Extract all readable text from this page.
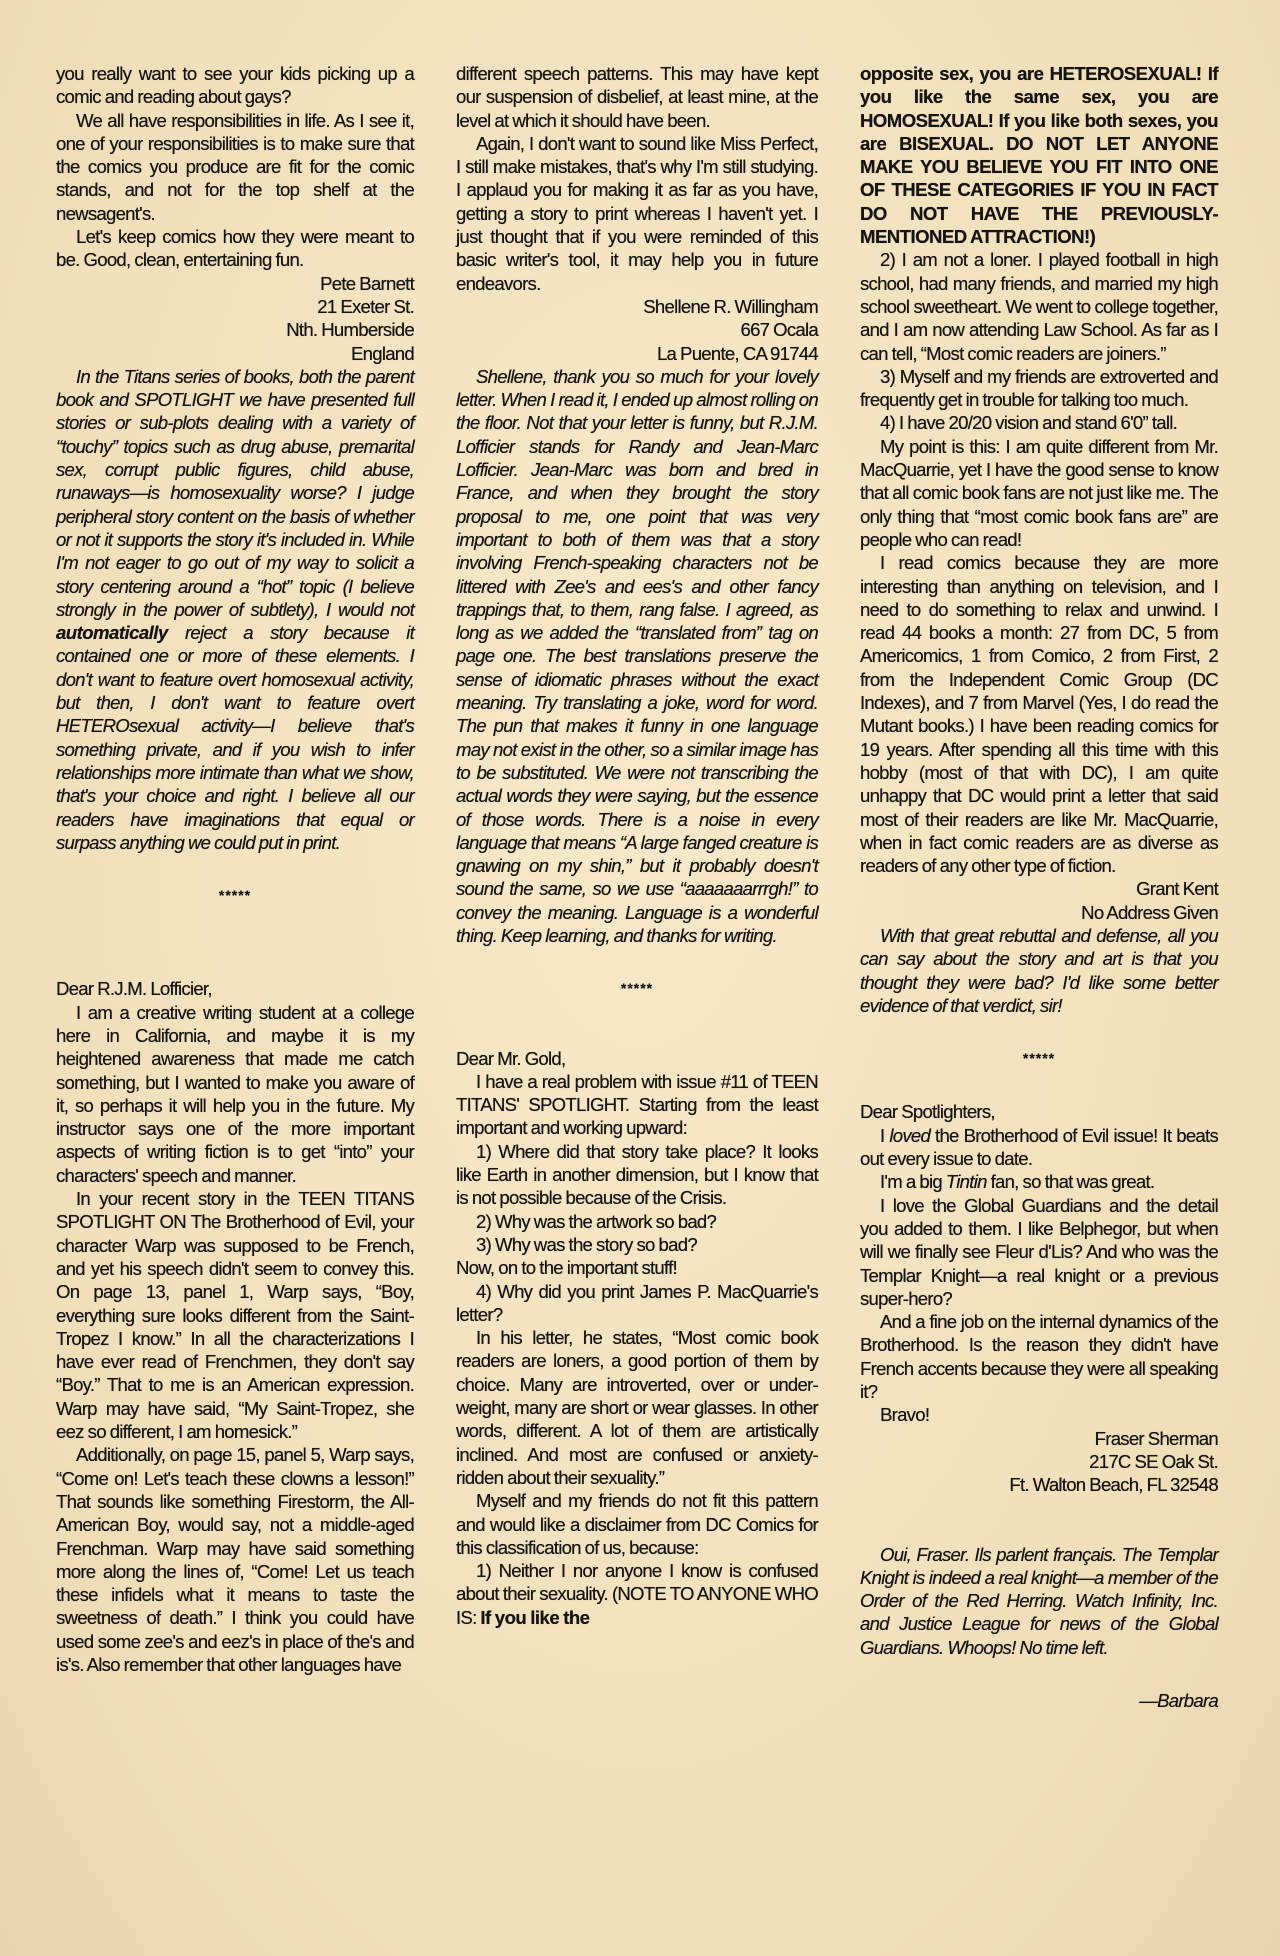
you really want to see your kids picking up a comic and reading about gays?
We all have responsibilities in life. As I see it, one of your responsibilities is to make sure that the comics you produce are fit for the comic stands, and not for the top shelf at the newsagent's.
Let's keep comics how they were meant to be. Good, clean, entertaining fun.
Pete Barnett
21 Exeter St.
Nth. Humberside
England
In the Titans series of books, both the parent book and SPOTLIGHT we have presented full stories or sub-plots dealing with a variety of “touchy” topics such as drug abuse, premarital sex, corrupt public figures, child abuse, runaways—is homosexuality worse? I judge peripheral story content on the basis of whether or not it supports the story it's included in. While I'm not eager to go out of my way to solicit a story centering around a “hot” topic (I believe strongly in the power of subtlety), I would not automatically reject a story because it contained one or more of these elements. I don't want to feature overt homosexual activity, but then, I don't want to feature overt HETEROsexual activity—I believe that's something private, and if you wish to infer relationships more intimate than what we show, that's your choice and right. I believe all our readers have imaginations that equal or surpass anything we could put in print.
*****
Dear R.J.M. Lofficier,
I am a creative writing student at a college here in California, and maybe it is my heightened awareness that made me catch something, but I wanted to make you aware of it, so perhaps it will help you in the future. My instructor says one of the more important aspects of writing fiction is to get “into” your characters' speech and manner.
In your recent story in the TEEN TITANS SPOTLIGHT ON The Brotherhood of Evil, your character Warp was supposed to be French, and yet his speech didn't seem to convey this. On page 13, panel 1, Warp says, “Boy, everything sure looks different from the Saint-Tropez I know.” In all the characterizations I have ever read of Frenchmen, they don't say “Boy.” That to me is an American expression. Warp may have said, “My Saint-Tropez, she eez so different, I am homesick.”
Additionally, on page 15, panel 5, Warp says, “Come on! Let's teach these clowns a lesson!” That sounds like something Firestorm, the All-American Boy, would say, not a middle-aged Frenchman. Warp may have said something more along the lines of, “Come! Let us teach these infidels what it means to taste the sweetness of death.” I think you could have used some zee's and eez's in place of the's and is's. Also remember that other languages have
different speech patterns. This may have kept our suspension of disbelief, at least mine, at the level at which it should have been.
Again, I don't want to sound like Miss Perfect, I still make mistakes, that's why I'm still studying. I applaud you for making it as far as you have, getting a story to print whereas I haven't yet. I just thought that if you were reminded of this basic writer's tool, it may help you in future endeavors.
Shellene R. Willingham
667 Ocala
La Puente, CA 91744
Shellene, thank you so much for your lovely letter. When I read it, I ended up almost rolling on the floor. Not that your letter is funny, but R.J.M. Lofficier stands for Randy and Jean-Marc Lofficier. Jean-Marc was born and bred in France, and when they brought the story proposal to me, one point that was very important to both of them was that a story involving French-speaking characters not be littered with Zee's and ees's and other fancy trappings that, to them, rang false. I agreed, as long as we added the “translated from” tag on page one. The best translations preserve the sense of idiomatic phrases without the exact meaning. Try translating a joke, word for word. The pun that makes it funny in one language may not exist in the other, so a similar image has to be substituted. We were not transcribing the actual words they were saying, but the essence of those words. There is a noise in every language that means “A large fanged creature is gnawing on my shin,” but it probably doesn't sound the same, so we use “aaaaaaarrrgh!” to convey the meaning. Language is a wonderful thing. Keep learning, and thanks for writing.
*****
Dear Mr. Gold,
I have a real problem with issue #11 of TEEN TITANS' SPOTLIGHT. Starting from the least important and working upward:
1) Where did that story take place? It looks like Earth in another dimension, but I know that is not possible because of the Crisis.
2) Why was the artwork so bad?
3) Why was the story so bad?
Now, on to the important stuff!
4) Why did you print James P. MacQuarrie's letter?
In his letter, he states, “Most comic book readers are loners, a good portion of them by choice. Many are introverted, over or under-weight, many are short or wear glasses. In other words, different. A lot of them are artistically inclined. And most are confused or anxiety-ridden about their sexuality.”
Myself and my friends do not fit this pattern and would like a disclaimer from DC Comics for this classification of us, because:
1) Neither I nor anyone I know is confused about their sexuality. (NOTE TO ANYONE WHO IS: If you like the
opposite sex, you are HETEROSEXUAL! If you like the same sex, you are HOMOSEXUAL! If you like both sexes, you are BISEXUAL. DO NOT LET ANYONE MAKE YOU BELIEVE YOU FIT INTO ONE OF THESE CATEGORIES IF YOU IN FACT DO NOT HAVE THE PREVIOUSLY-MENTIONED ATTRACTION!)
2) I am not a loner. I played football in high school, had many friends, and married my high school sweetheart. We went to college together, and I am now attending Law School. As far as I can tell, “Most comic readers are joiners.”
3) Myself and my friends are extroverted and frequently get in trouble for talking too much.
4) I have 20/20 vision and stand 6'0” tall.
My point is this: I am quite different from Mr. MacQuarrie, yet I have the good sense to know that all comic book fans are not just like me. The only thing that “most comic book fans are” are people who can read!
I read comics because they are more interesting than anything on television, and I need to do something to relax and unwind. I read 44 books a month: 27 from DC, 5 from Americomics, 1 from Comico, 2 from First, 2 from the Independent Comic Group (DC Indexes), and 7 from Marvel (Yes, I do read the Mutant books.) I have been reading comics for 19 years. After spending all this time with this hobby (most of that with DC), I am quite unhappy that DC would print a letter that said most of their readers are like Mr. MacQuarrie, when in fact comic readers are as diverse as readers of any other type of fiction.
Grant Kent
No Address Given
With that great rebuttal and defense, all you can say about the story and art is that you thought they were bad? I'd like some better evidence of that verdict, sir!
*****
Dear Spotlighters,
I loved the Brotherhood of Evil issue! It beats out every issue to date.
I'm a big Tintin fan, so that was great.
I love the Global Guardians and the detail you added to them. I like Belphegor, but when will we finally see Fleur d'Lis? And who was the Templar Knight—a real knight or a previous super-hero?
And a fine job on the internal dynamics of the Brotherhood. Is the reason they didn't have French accents because they were all speaking it?
Bravo!
Fraser Sherman
217C SE Oak St.
Ft. Walton Beach, FL 32548
Oui, Fraser. Ils parlent français. The Templar Knight is indeed a real knight—a member of the Order of the Red Herring. Watch Infinity, Inc. and Justice League for news of the Global Guardians. Whoops! No time left.
—Barbara
